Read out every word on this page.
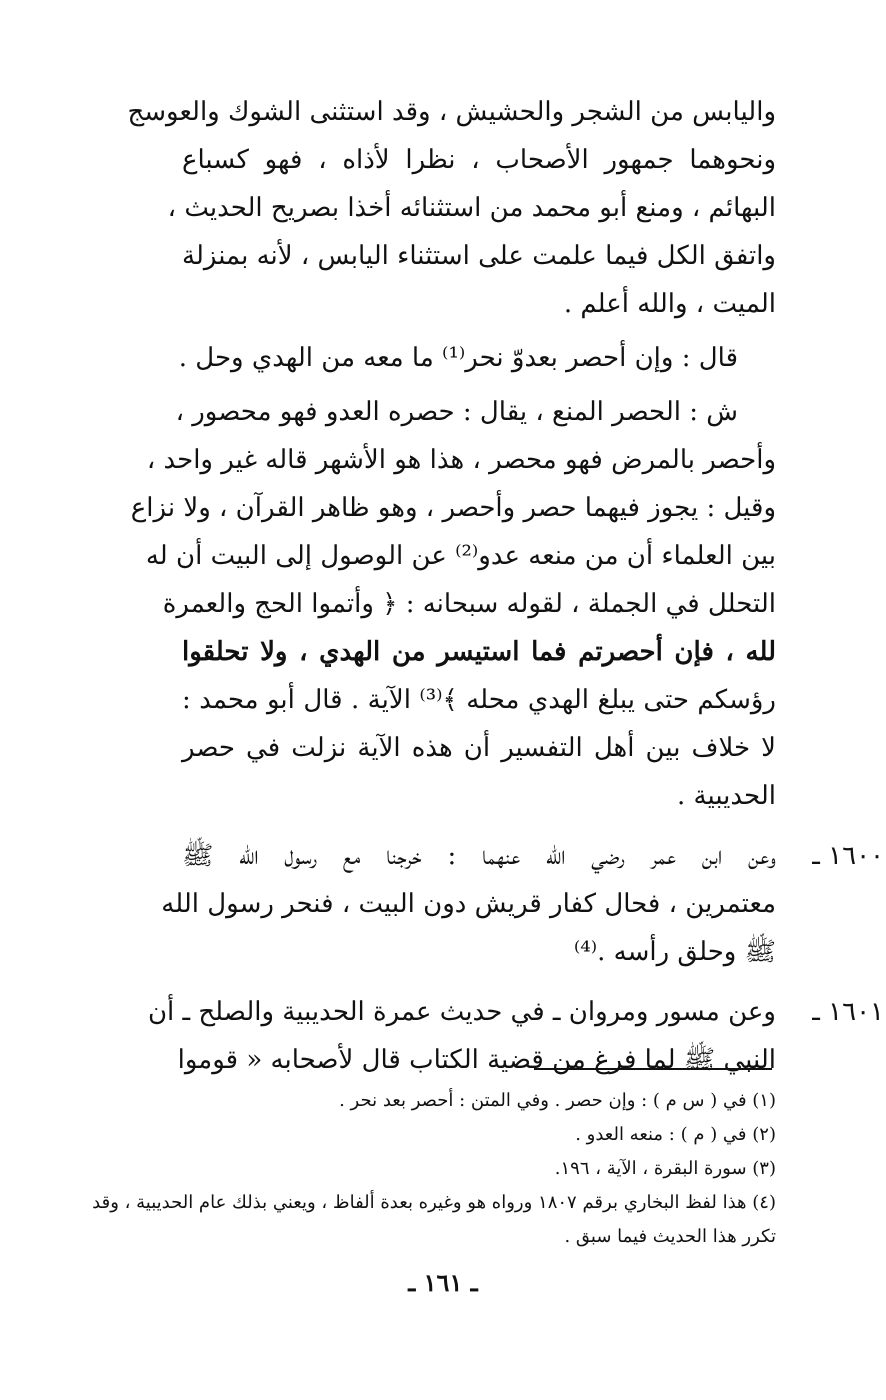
واليابس من الشجر والحشيش ، وقد استثنى الشوك والعوسج
ونحوهما جمهور الأصحاب ، نظرا لأذاه ، فهو كسباع
البهائم ، ومنع أبو محمد من استثنائه أخذا بصريح الحديث ،
واتفق الكل فيما علمت على استثناء اليابس ، لأنه بمنزلة
الميت ، والله أعلم .
قال : وإن أحصر بعدوّ نحر⁽¹⁾ ما معه من الهدي وحل .
ش : الحصر المنع ، يقال : حصره العدو فهو محصور ،
وأحصر بالمرض فهو محصر ، هذا هو الأشهر قاله غير واحد ،
وقيل : يجوز فيهما حصر وأحصر ، وهو ظاهر القرآن ، ولا نزاع
بين العلماء أن من منعه عدو⁽²⁾ عن الوصول إلى البيت أن له
التحلل في الجملة ، لقوله سبحانه : ﴿ وأتموا الحج والعمرة
لله ، فإن أحصرتم فما استيسر من الهدي ، ولا تحلقوا
رؤسكم حتى يبلغ الهدي محله ﴾⁽³⁾ الآية . قال أبو محمد :
لا خلاف بين أهل التفسير أن هذه الآية نزلت في حصر
الحديبية .
١٦٠٠ ـ
وعن ابن عمر رضي الله عنهما : خرجنا مع رسول الله ﷺ
معتمرين ، فحال كفار قريش دون البيت ، فنحر رسول الله
ﷺ وحلق رأسه .⁽⁴⁾
١٦٠١ ـ
وعن مسور ومروان ـ في حديث عمرة الحديبية والصلح ـ أن
النبي ﷺ لما فرغ من قضية الكتاب قال لأصحابه « قوموا
(١) في ( س م ) : وإن حصر . وفي المتن : أحصر بعد نحر .
(٢) في ( م ) : منعه العدو .
(٣) سورة البقرة ، الآية ، ١٩٦.
(٤) هذا لفظ البخاري برقم ١٨٠٧ ورواه هو وغيره بعدة ألفاظ ، ويعني بذلك عام الحديبية ، وقد
تكرر هذا الحديث فيما سبق .
ـ ١٦١ ـ
